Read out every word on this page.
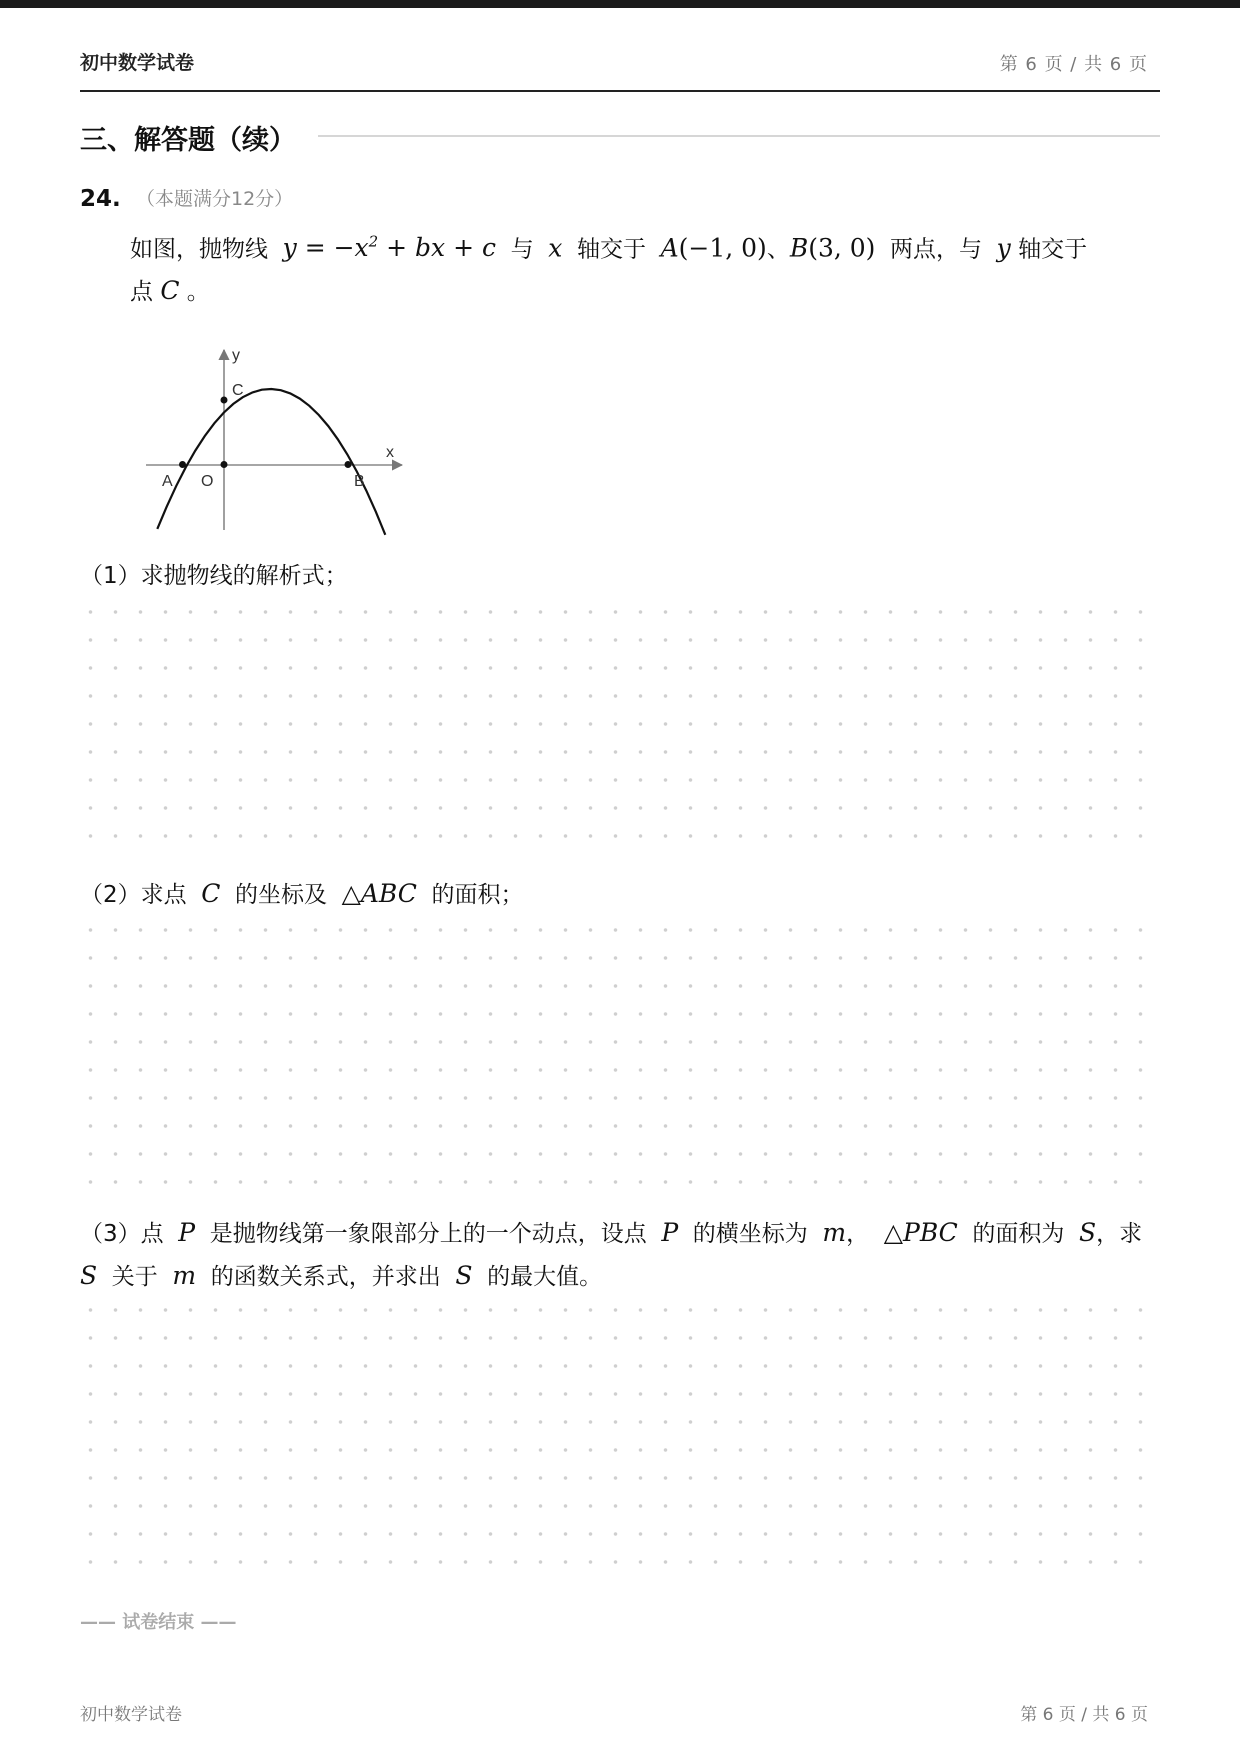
初中数学试卷	第 6 页 / 共 6 页
三、解答题（续）
24. （本题满分12分）
如图，抛物线 $y = -x^2$ + bx + c 与 x 轴交于 A(−1, 0)、B(3, 0) 两点，与 y 轴交于点 C 。
y
x
A O	B
C
（1）求抛物线的解析式；
（2）求点 C 的坐标及 △ABC 的面积；
（3）点 P 是抛物线第一象限部分上的一个动点，设点 P 的横坐标为 m， △PBC 的面积为 S，求  S 关于 m 的函数关系式，并求出 S 的最大值。
—— 试卷结束 ——
初中数学试卷	第 6 页 / 共 6 页
